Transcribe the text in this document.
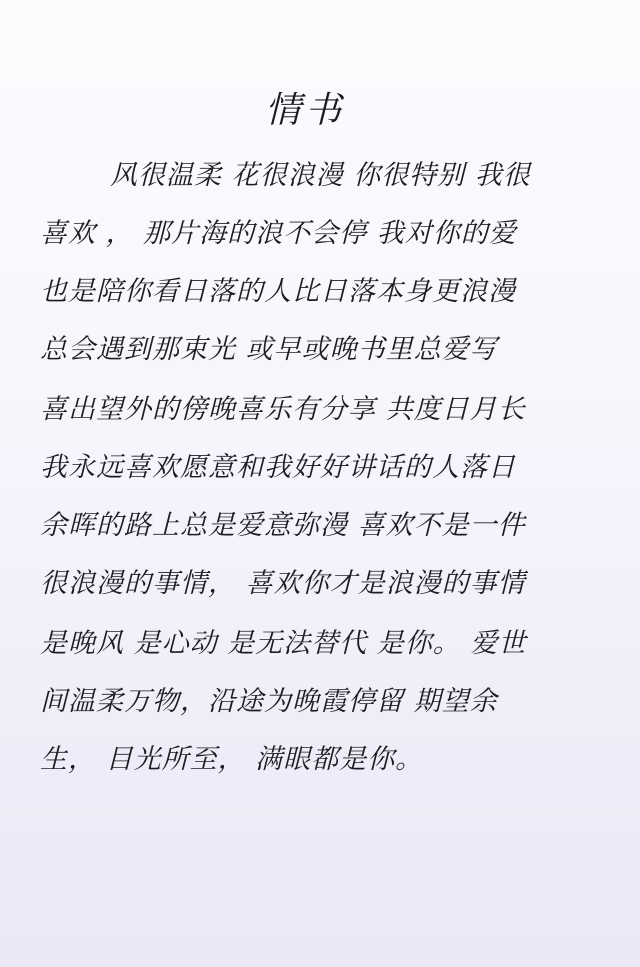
情书
风很温柔 花很浪漫 你很特别 我很
喜欢 ， 那片海的浪不会停 我对你的爱
也是陪你看日落的人比日落本身更浪漫
总会遇到那束光 或早或晚书里总爱写
喜出望外的傍晚喜乐有分享 共度日月长
我永远喜欢愿意和我好好讲话的人落日
余晖的路上总是爱意弥漫 喜欢不是一件
很浪漫的事情， 喜欢你才是浪漫的事情
是晚风 是心动 是无法替代 是你。 爱世
间温柔万物，沿途为晚霞停留 期望余
生， 目光所至， 满眼都是你。
